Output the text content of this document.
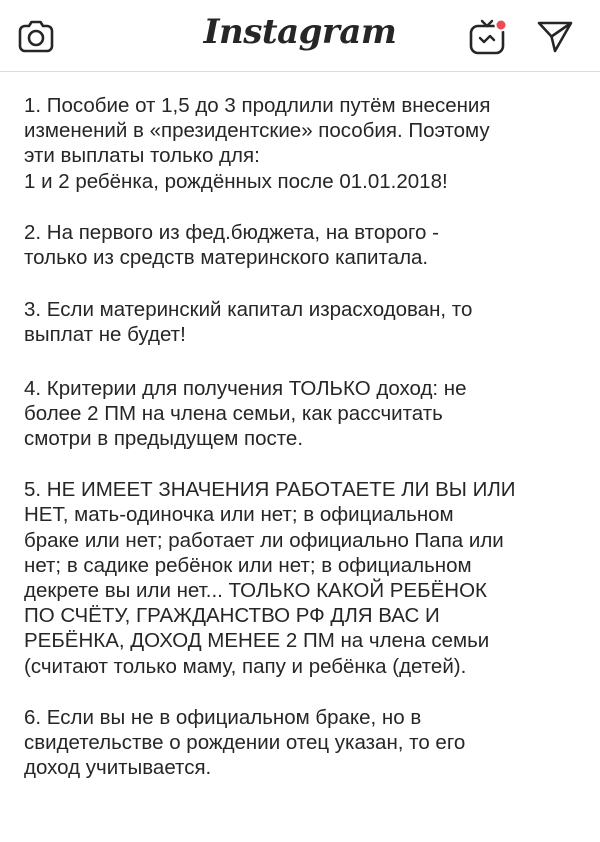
Instagram

1. Пособие от 1,5 до 3 продлили путём внесения
изменений в «президентские» пособия. Поэтому
эти выплаты только для:
1 и 2 ребёнка, рождённых после 01.01.2018!

2. На первого из фед.бюджета, на второго -
только из средств материнского капитала.

3. Если материнский капитал израсходован, то
выплат не будет!

4. Критерии для получения ТОЛЬКО доход: не
более 2 ПМ на члена семьи, как рассчитать
смотри в предыдущем посте.

5. НЕ ИМЕЕТ ЗНАЧЕНИЯ РАБОТАЕТЕ ЛИ ВЫ ИЛИ
НЕТ, мать-одиночка или нет; в официальном
браке или нет; работает ли официально Папа или
нет; в садике ребёнок или нет; в официальном
декрете вы или нет... ТОЛЬКО КАКОЙ РЕБЁНОК
ПО СЧЁТУ, ГРАЖДАНСТВО РФ ДЛЯ ВАС И
РЕБЁНКА, ДОХОД МЕНЕЕ 2 ПМ на члена семьи
(считают только маму, папу и ребёнка (детей).

6. Если вы не в официальном браке, но в
свидетельстве о рождении отец указан, то его
доход учитывается.
